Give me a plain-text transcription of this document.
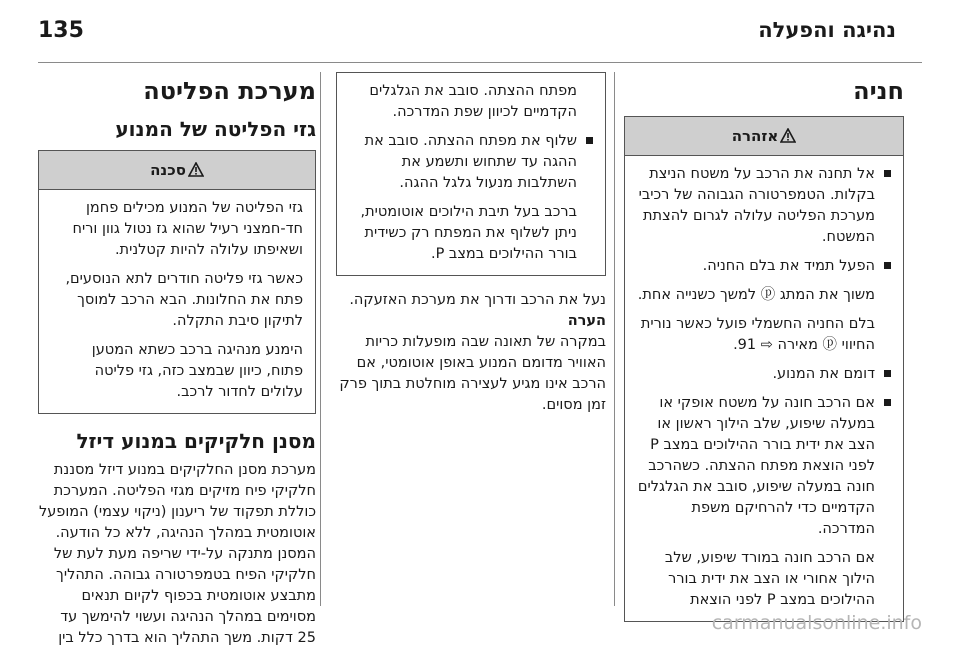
135	נהיגה והפעלה
חניה
אזהרה

אל תחנה את הרכב על משטח הניצת בקלות. הטמפרטורה הגבוהה של רכיבי מערכת הפליטה עלולה לגרום להצתת המשטח.

הפעל תמיד את בלם החניה.

משוך את המתג ⓟ למשך כשנייה אחת.

בלם החניה החשמלי פועל כאשר נורית החיווי ⓟ מאירה ⇨ 91.

דומם את המנוע.

אם הרכב חונה על משטח אופקי או במעלה שיפוע, שלב הילוך ראשון או הצב את ידית בורר ההילוכים במצב P לפני הוצאת מפתח ההצתה. כשהרכב חונה במעלה שיפוע, סובב את הגלגלים הקדמיים כדי להרחיקם משפת המדרכה.

אם הרכב חונה במורד שיפוע, שלב הילוך אחורי או הצב את ידית בורר ההילוכים במצב P לפני הוצאת

מפתח ההצתה. סובב את הגלגלים הקדמיים לכיוון שפת המדרכה.

שלוף את מפתח ההצתה. סובב את ההגה עד שתחוש ותשמע את השתלבות מנעול גלגל ההגה.

ברכב בעל תיבת הילוכים אוטומטית, ניתן לשלוף את המפתח רק כשידית בורר ההילוכים במצב P.

נעל את הרכב ודרוך את מערכת האזעקה.

הערה

במקרה של תאונה שבה מופעלות כריות האוויר מדומם המנוע באופן אוטומטי, אם הרכב אינו מגיע לעצירה מוחלטת בתוך פרק זמן מסוים.

מערכת הפליטה
גזי הפליטה של המנוע
סכנה

גזי הפליטה של המנוע מכילים פחמן חד-חמצני רעיל שהוא גז נטול גוון וריח ושאיפתו עלולה להיות קטלנית.

כאשר גזי פליטה חודרים לתא הנוסעים, פתח את החלונות. הבא הרכב למוסך לתיקון סיבת התקלה.

הימנע מנהיגה ברכב כשתא המטען פתוח, כיוון שבמצב כזה, גזי פליטה עלולים לחדור לרכב.

מסנן חלקיקים במנוע דיזל

מערכת מסנן החלקיקים במנוע דיזל מסננת חלקיקי פיח מזיקים מגזי הפליטה. המערכת כוללת תפקוד של ריענון (ניקוי עצמי) המופעל אוטומטית במהלך הנהיגה, ללא כל הודעה. המסנן מתנקה על-ידי שריפה מעת לעת של חלקיקי הפיח בטמפרטורה גבוהה. התהליך מתבצע אוטומטית בכפוף לקיום תנאים מסוימים במהלך הנהיגה ועשוי להימשך עד 25 דקות. משך התהליך הוא בדרך כלל בין

carmanualsonline.info
